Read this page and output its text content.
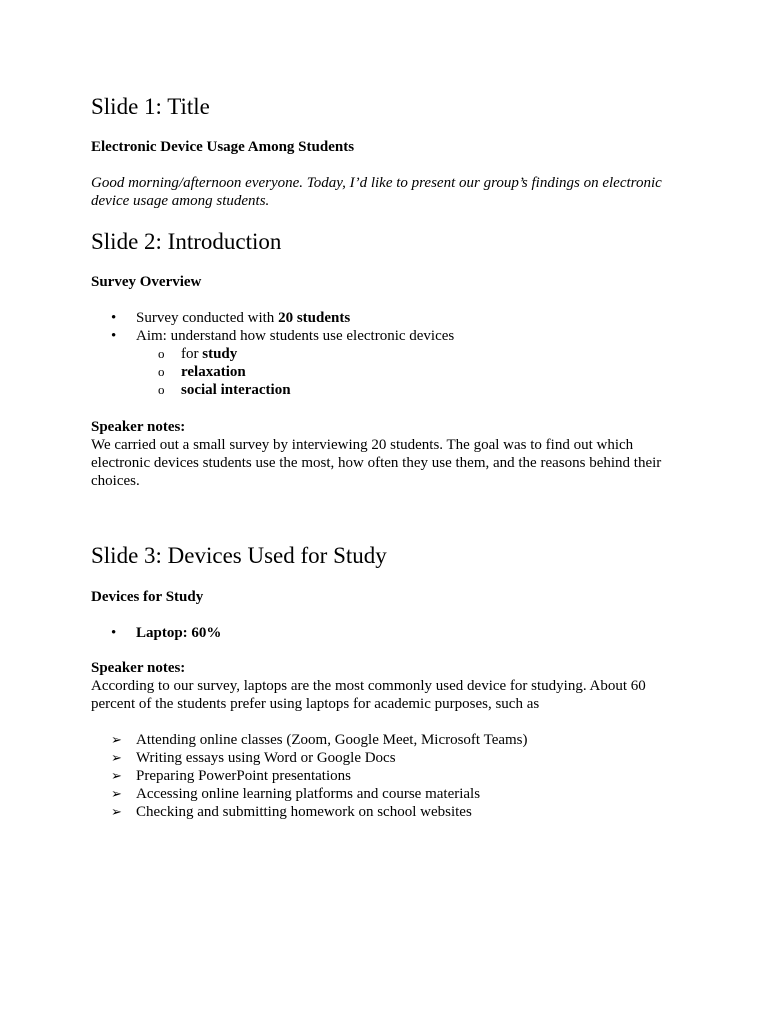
Slide 1: Title

Electronic Device Usage Among Students

Good morning/afternoon everyone. Today, I’d like to present our group’s findings on electronic device usage among students.

Slide 2: Introduction

Survey Overview

• Survey conducted with 20 students
• Aim: understand how students use electronic devices
o for study
o relaxation
o social interaction

Speaker notes:

We carried out a small survey by interviewing 20 students. The goal was to find out which electronic devices students use the most, how often they use them, and the reasons behind their choices.

Slide 3: Devices Used for Study

Devices for Study

• Laptop: 60%

Speaker notes:

According to our survey, laptops are the most commonly used device for studying. About 60 percent of the students prefer using laptops for academic purposes, such as

➢ Attending online classes (Zoom, Google Meet, Microsoft Teams)
➢ Writing essays using Word or Google Docs
➢ Preparing PowerPoint presentations
➢ Accessing online learning platforms and course materials
➢ Checking and submitting homework on school websites
